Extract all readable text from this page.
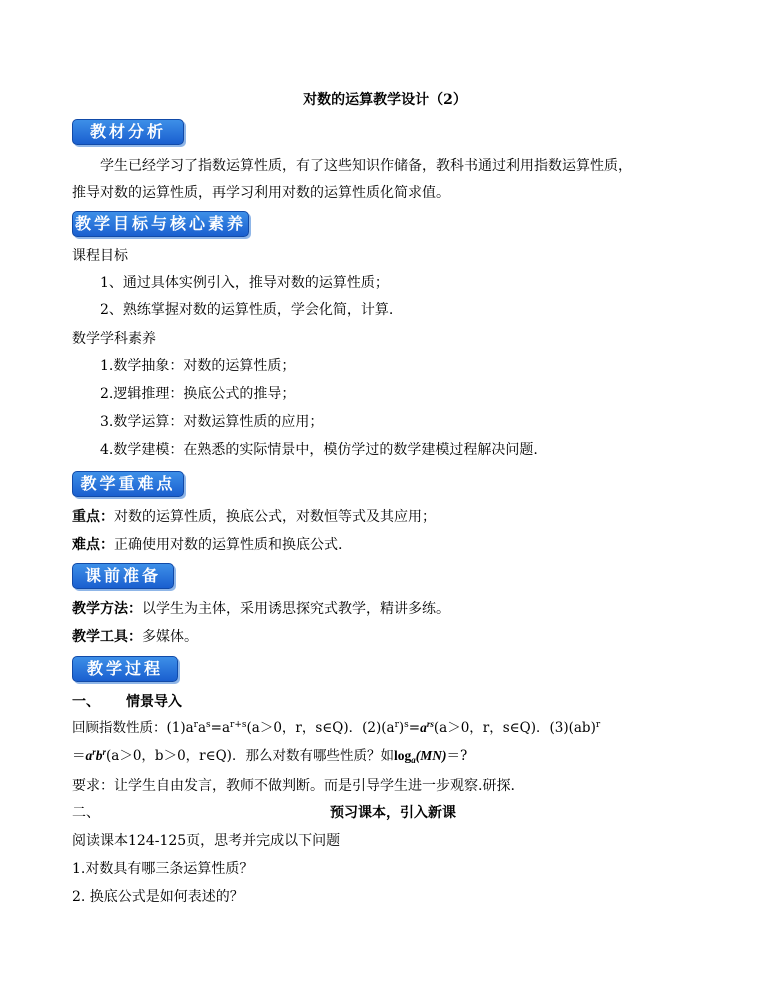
对数的运算教学设计（2）
教材分析
学生已经学习了指数运算性质，有了这些知识作储备，教科书通过利用指数运算性质，
推导对数的运算性质，再学习利用对数的运算性质化简求值。
教学目标与核心素养
课程目标
1、通过具体实例引入，推导对数的运算性质；
2、熟练掌握对数的运算性质，学会化简，计算.
数学学科素养
1.数学抽象：对数的运算性质；
2.逻辑推理：换底公式的推导；
3.数学运算：对数运算性质的应用；
4.数学建模：在熟悉的实际情景中，模仿学过的数学建模过程解决问题.
教学重难点
重点：对数的运算性质，换底公式，对数恒等式及其应用；
难点：正确使用对数的运算性质和换底公式.
课前准备
教学方法：以学生为主体，采用诱思探究式教学，精讲多练。
教学工具：多媒体。
教学过程
一、 情景导入
回顾指数性质：$(1)a^ra^s=a^{r+s}(a>0$，r，s∈Q)．$(2)(a^r)^s=a^{rs}(a>0$，r，s∈Q)．(3)(ab)$^r$
$=a^rb^r(a>0$，b＞0，r∈Q)．那么对数有哪些性质？如$\log_a(MN)=$?
要求：让学生自由发言，教师不做判断。而是引导学生进一步观察.研探.
二、	预习课本，引入新课
阅读课本124-125页，思考并完成以下问题
1.对数具有哪三条运算性质？
2. 换底公式是如何表述的？
